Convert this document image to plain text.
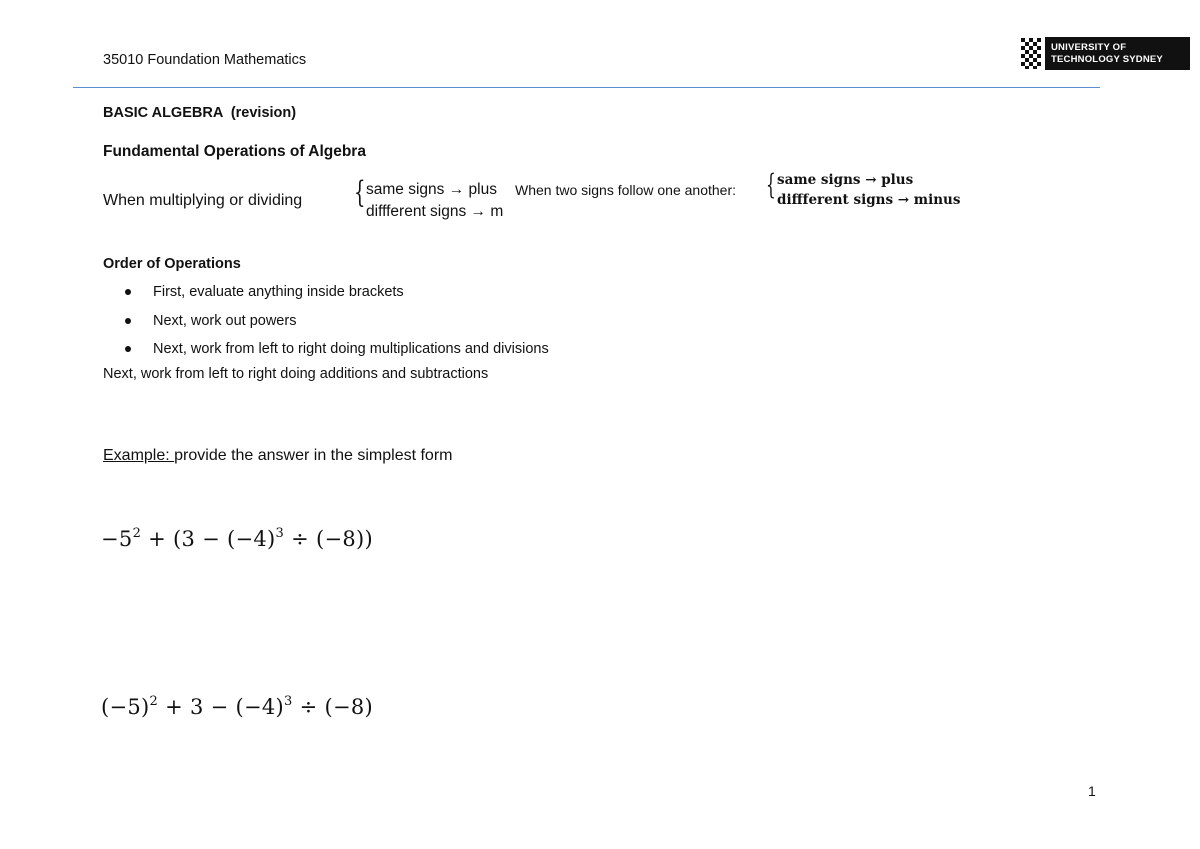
35010 Foundation Mathematics
UNIVERSITY OF
TECHNOLOGY SYDNEY
BASIC ALGEBRA  (revision)
Fundamental Operations of Algebra
When multiplying or dividing { same signs → plus
diffferent signs → m
When two signs follow one another: { same signs → plus
diffferent signs → minus
Order of Operations
First, evaluate anything inside brackets
Next, work out powers
Next, work from left to right doing multiplications and divisions
Next, work from left to right doing additions and subtractions
Example: provide the answer in the simplest form
$-5^2 + (3 - (-4)^3 \div (-8))$
$(-5)^2 + 3 - (-4)^3 \div (-8)$
1
